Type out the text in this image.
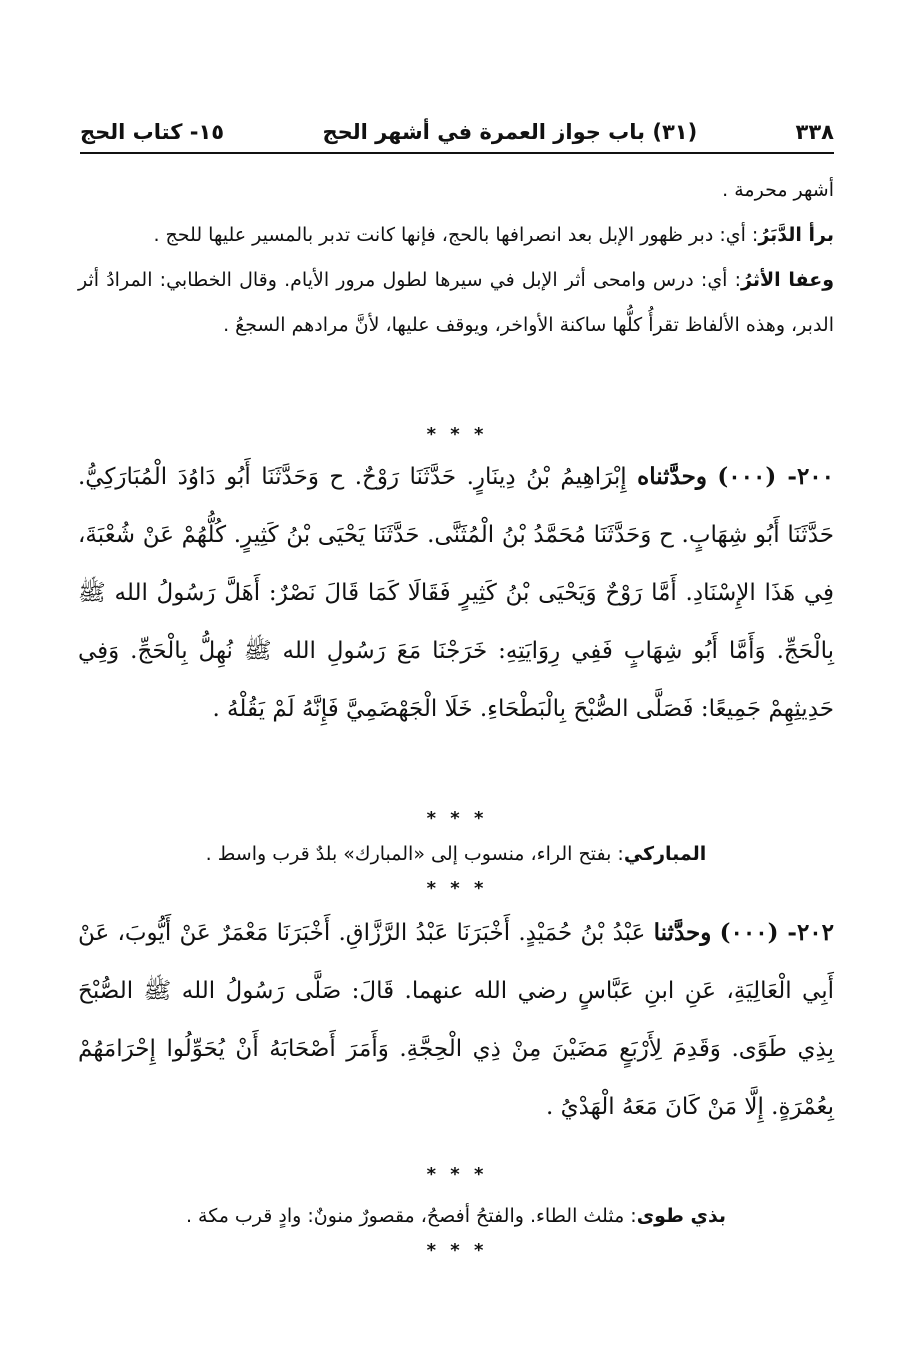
٣٣٨
(٣١) باب جواز العمرة في أشهر الحج
١٥- كتاب الحج
أشهر محرمة .
برأ الدَّبَرُ: أي: دبر ظهور الإبل بعد انصرافها بالحج، فإنها كانت تدبر بالمسير عليها للحج .
وعفا الأثرُ: أي: درس وامحى أثر الإبل في سيرها لطول مرور الأيام. وقال الخطابي: المرادُ أثر الدبر، وهذه الألفاظ تقرأُ كلُّها ساكنة الأواخر، ويوقف عليها، لأنَّ مرادهم السجعُ .
* * *
٢٠٠- (٠٠٠) وحدَّثناه إِبْرَاهِيمُ بْنُ دِينَارٍ. حَدَّثَنَا رَوْحٌ. ح وَحَدَّثَنَا أَبُو دَاوُدَ الْمُبَارَكِيُّ. حَدَّثَنَا أَبُو شِهَابٍ. ح وَحَدَّثَنَا مُحَمَّدُ بْنُ الْمُثَنَّى. حَدَّثَنَا يَحْيَى بْنُ كَثِيرٍ. كُلُّهُمْ عَنْ شُعْبَةَ، فِي هَذَا الإِسْنَادِ. أَمَّا رَوْحٌ وَيَحْيَى بْنُ كَثِيرٍ فَقَالَا كَمَا قَالَ نَصْرٌ: أَهَلَّ رَسُولُ الله ﷺ بِالْحَجِّ. وَأَمَّا أَبُو شِهَابٍ فَفِي رِوَايَتِهِ: خَرَجْنَا مَعَ رَسُولِ الله ﷺ نُهِلُّ بِالْحَجِّ. وَفِي حَدِيثِهِمْ جَمِيعًا: فَصَلَّى الصُّبْحَ بِالْبَطْحَاءِ. خَلَا الْجَهْضَمِيَّ فَإِنَّهُ لَمْ يَقُلْهُ .
* * *
المباركي: بفتح الراء، منسوب إلى «المبارك» بلدٌ قرب واسط .
* * *
٢٠٢- (٠٠٠) وحدَّثنا عَبْدُ بْنُ حُمَيْدٍ. أَخْبَرَنَا عَبْدُ الرَّزَّاقِ. أَخْبَرَنَا مَعْمَرٌ عَنْ أَيُّوبَ، عَنْ أَبِي الْعَالِيَةِ، عَنِ ابنِ عَبَّاسٍ رضي الله عنهما. قَالَ: صَلَّى رَسُولُ الله ﷺ الصُّبْحَ بِذِي طَوًى. وَقَدِمَ لِأَرْبَعٍ مَضَيْنَ مِنْ ذِي الْحِجَّةِ. وَأَمَرَ أَصْحَابَهُ أَنْ يُحَوِّلُوا إِحْرَامَهُمْ بِعُمْرَةٍ. إِلَّا مَنْ كَانَ مَعَهُ الْهَدْيُ .
* * *
بذي طوى: مثلث الطاء. والفتحُ أفصحُ، مقصورٌ منونٌ: وادٍ قرب مكة .
* * *
